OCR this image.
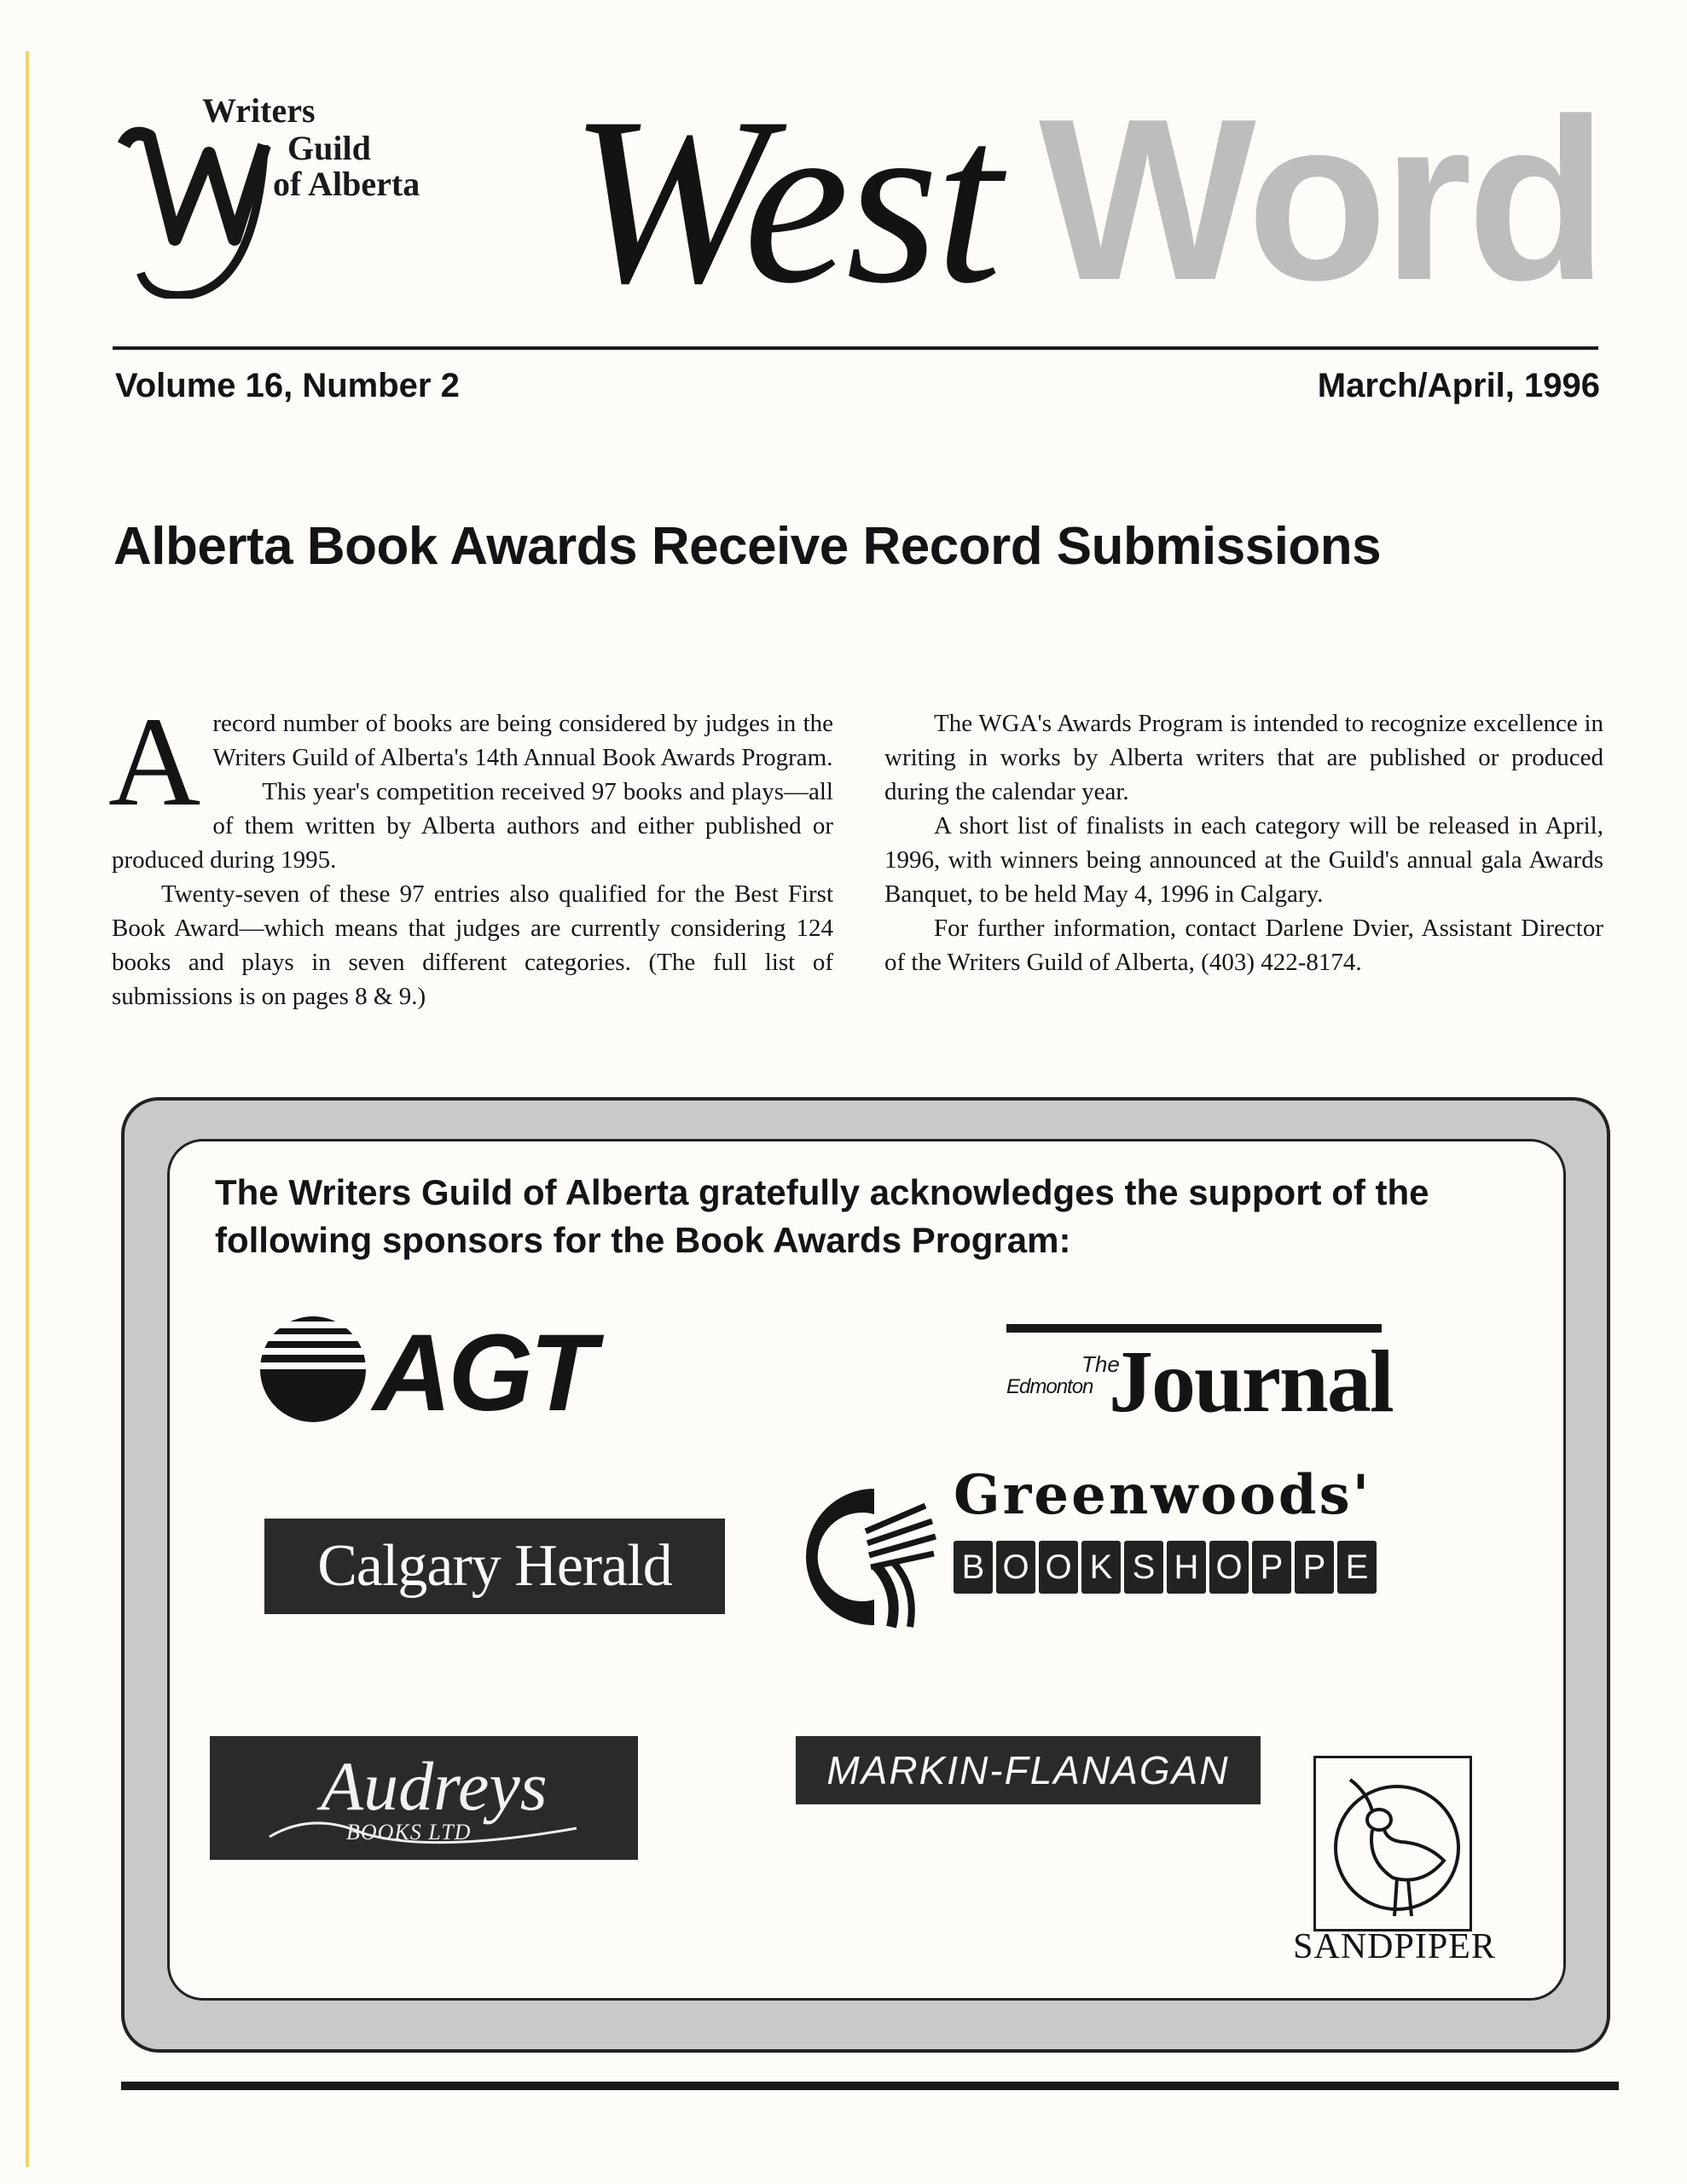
Writers
Guild
of Alberta West Word
Volume 16, Number 2	March/April, 1996
Alberta Book Awards Receive Record Submissions

A record number of books are being considered by judges in the Writers Guild of Alberta's 14th Annual Book Awards Program.

This year's competition received 97 books and plays—all of them written by Alberta authors and either published or produced during 1995.

Twenty-seven of these 97 entries also qualified for the Best First Book Award—which means that judges are currently considering 124 books and plays in seven different categories. (The full list of submissions is on pages 8 & 9.)

The WGA's Awards Program is intended to recognize excellence in writing in works by Alberta writers that are published or produced during the calendar year.

A short list of finalists in each category will be released in April, 1996, with winners being announced at the Guild's annual gala Awards Banquet, to be held May 4, 1996 in Calgary.

For further information, contact Darlene Dvier, Assistant Director of the Writers Guild of Alberta, (403) 422-8174.

The Writers Guild of Alberta gratefully acknowledges the support of the following sponsors for the Book Awards Program:
AGT	The
Edmonton Journal
Calgary Herald
Greenwoods'
B O O K S H O P P E
Audreys
BOOKS LTD
MARKIN-FLANAGAN
SANDPIPER
